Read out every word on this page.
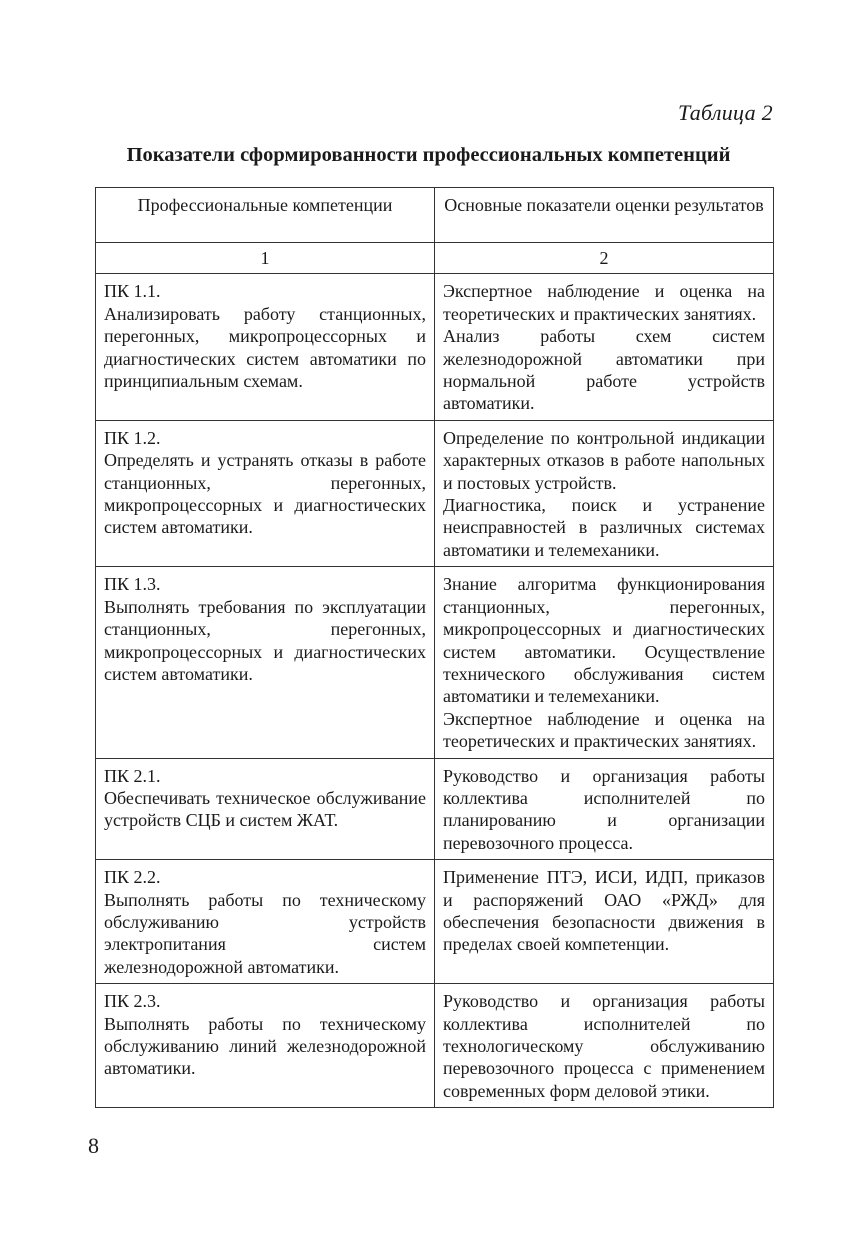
Таблица 2
Показатели сформированности профессиональных компетенций
Профессиональные компетенции	Основные показатели оценки результатов
1	2

ПК 1.1.
Анализировать работу станционных, перегонных, микропроцессорных и диагностических систем автоматики по принципиальным схемам.	Экспертное наблюдение и оценка на теоретических и практических занятиях.
Анализ работы схем систем железнодорожной автоматики при нормальной работе устройств автоматики.

ПК 1.2.
Определять и устранять отказы в работе станционных, перегонных, микропроцессорных и диагностических систем автоматики.	Определение по контрольной индикации характерных отказов в работе напольных и постовых устройств.
Диагностика, поиск и устранение неисправностей в различных системах автоматики и телемеханики.

ПК 1.3.
Выполнять требования по эксплуатации станционных, перегонных, микропроцессорных и диагностических систем автоматики.	Знание алгоритма функционирования станционных, перегонных, микропроцессорных и диагностических систем автоматики. Осуществление технического обслуживания систем автоматики и телемеханики.
Экспертное наблюдение и оценка на теоретических и практических занятиях.

ПК 2.1.
Обеспечивать техническое обслуживание устройств СЦБ и систем ЖАТ.	Руководство и организация работы коллектива исполнителей по планированию и организации перевозочного процесса.

ПК 2.2.
Выполнять работы по техническому обслуживанию устройств электропитания систем железнодорожной автоматики.	Применение ПТЭ, ИСИ, ИДП, приказов и распоряжений ОАО «РЖД» для обеспечения безопасности движения в пределах своей компетенции.

ПК 2.3.
Выполнять работы по техническому обслуживанию линий железнодорожной автоматики.	Руководство и организация работы коллектива исполнителей по технологическому обслуживанию перевозочного процесса с применением современных форм деловой этики.
8
